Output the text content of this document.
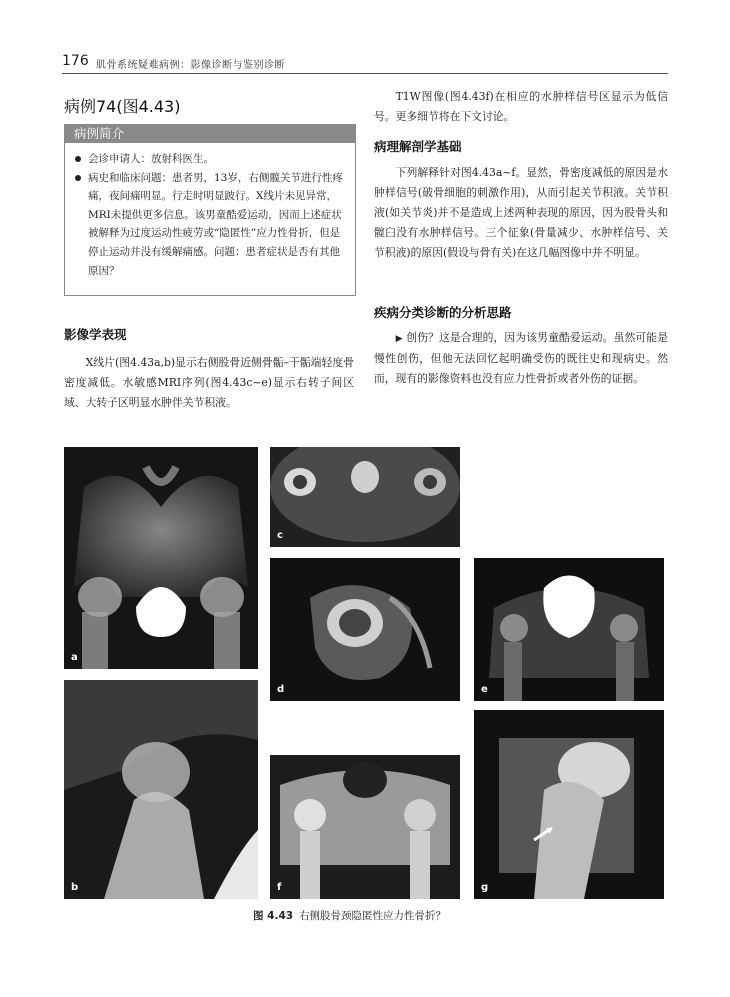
176 肌骨系统疑难病例：影像诊断与鉴别诊断
病例74(图4.43)
病例简介
会诊申请人：放射科医生。
病史和临床问题：患者男，13岁，右侧髋关节进行性疼痛，夜间痛明显。行走时明显跛行。X线片未见异常，MRI未提供更多信息。该男童酷爱运动，因而上述症状被解释为过度运动性疲劳或“隐匿性”应力性骨折，但是停止运动并没有缓解痛感。问题：患者症状是否有其他原因？
影像学表现
X线片(图4.43a,b)显示右侧股骨近侧骨骺–干骺端轻度骨密度减低。水敏感MRI序列(图4.43c~e)显示右转子间区域、大转子区明显水肿伴关节积液。
T1W图像(图4.43f)在相应的水肿样信号区显示为低信号。更多细节将在下文讨论。
病理解剖学基础
下列解释针对图4.43a~f。显然，骨密度减低的原因是水肿样信号(破骨细胞的刺激作用)，从而引起关节积液。关节积液(如关节炎)并不是造成上述两种表现的原因，因为股骨头和髋臼没有水肿样信号。三个征象(骨量减少、水肿样信号、关节积液)的原因(假设与骨有关)在这几幅图像中并不明显。
疾病分类诊断的分析思路
▶ 创伤？这是合理的，因为该男童酷爱运动。虽然可能是慢性创伤，但他无法回忆起明确受伤的既往史和现病史。然而，现有的影像资料也没有应力性骨折或者外伤的证据。
a
b
c
d	e
f	g
图 4.43 右侧股骨颈隐匿性应力性骨折？
